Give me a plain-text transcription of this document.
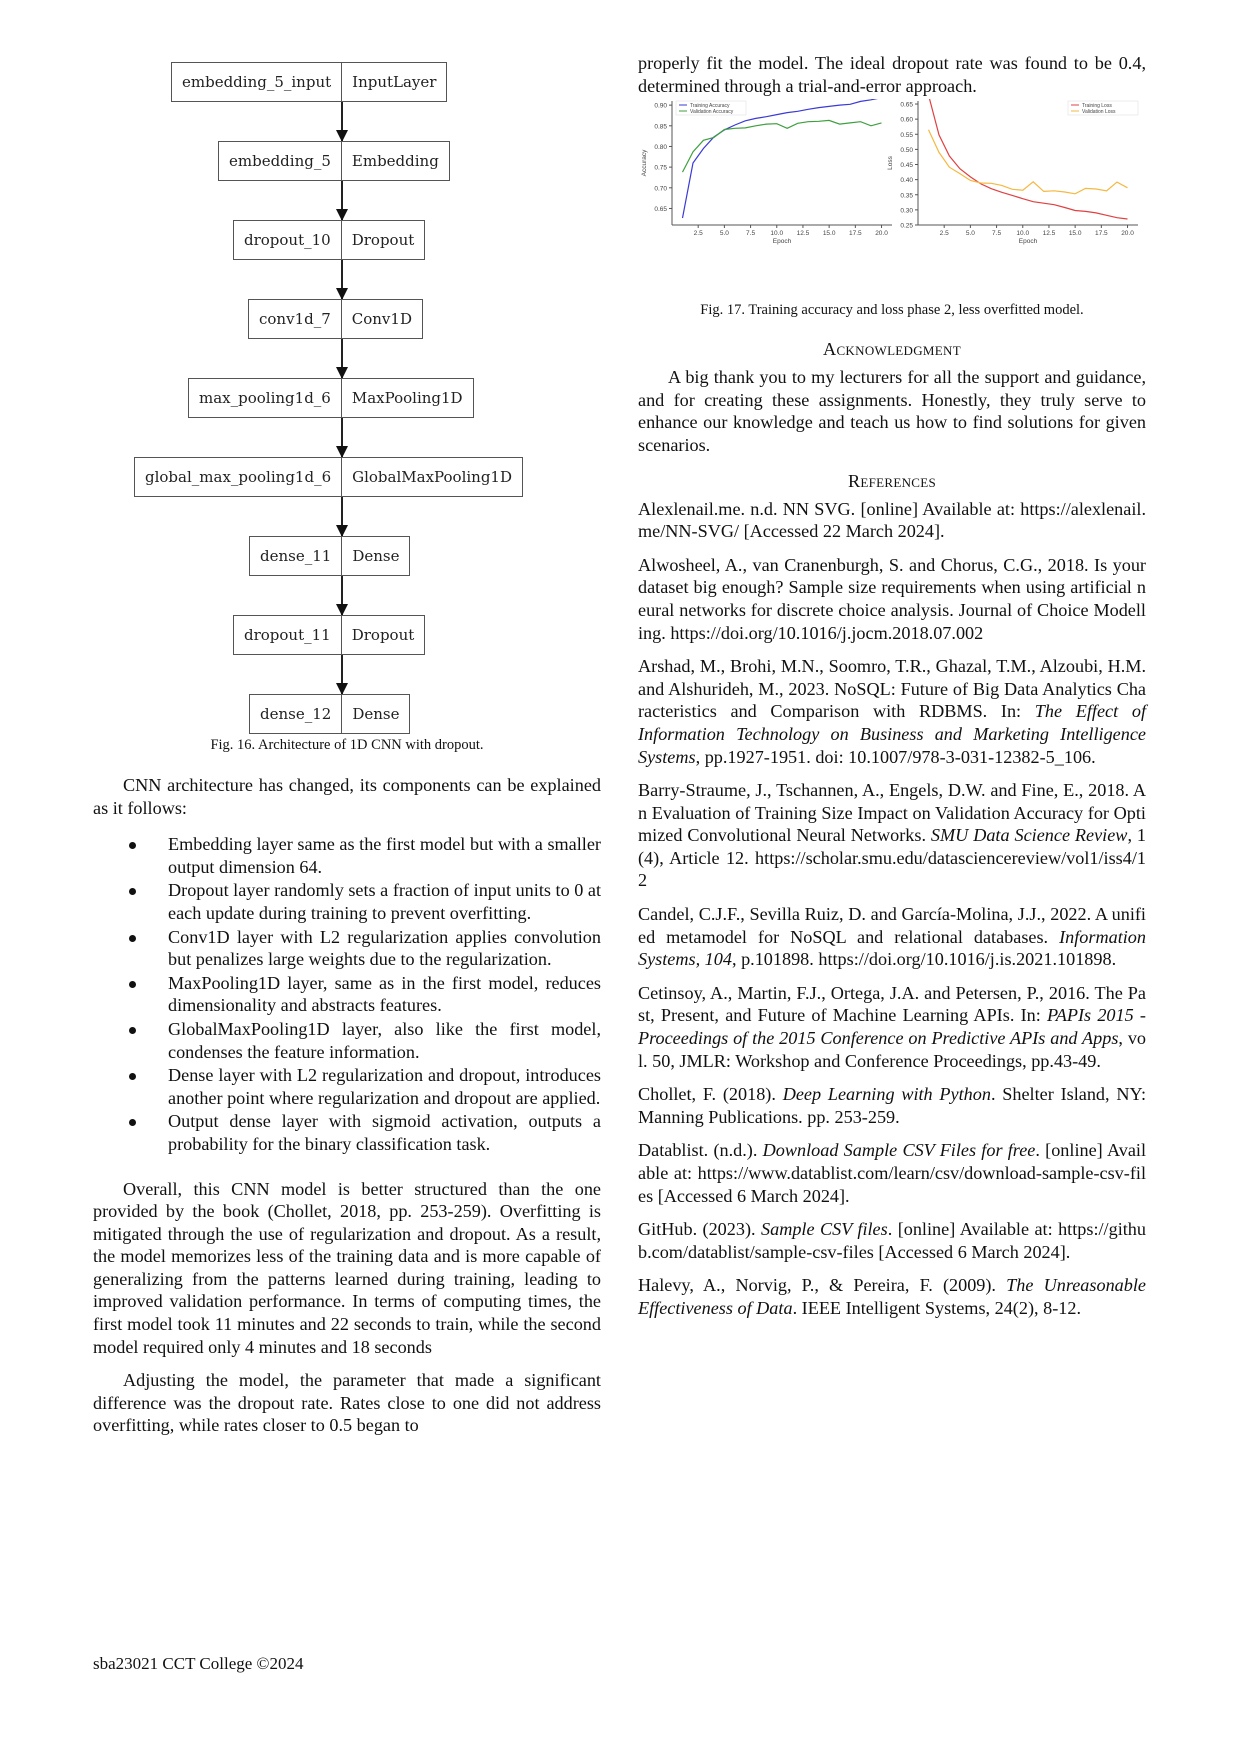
embedding_5_input	InputLayer
embedding_5	Embedding
dropout_10	Dropout
conv1d_7	Conv1D
max_pooling1d_6	MaxPooling1D
global_max_pooling1d_6	GlobalMaxPooling1D
dense_11	Dense
dropout_11	Dropout
dense_12	Dense
Fig. 16. Architecture of 1D CNN with dropout.

CNN architecture has changed, its components can be explained as it follows:

Embedding layer same as the first model but with a smaller output dimension 64.
Dropout layer randomly sets a fraction of input units to 0 at each update during training to prevent overfitting.
Conv1D layer with L2 regularization applies convolution but penalizes large weights due to the regularization.
MaxPooling1D layer, same as in the first model, reduces dimensionality and abstracts features.
GlobalMaxPooling1D layer, also like the first model, condenses the feature information.
Dense layer with L2 regularization and dropout, introduces another point where regularization and dropout are applied.
Output dense layer with sigmoid activation, outputs a probability for the binary classification task.

Overall, this CNN model is better structured than the one provided by the book (Chollet, 2018, pp. 253-259). Overfitting is mitigated through the use of regularization and dropout. As a result, the model memorizes less of the training data and is more capable of generalizing from the patterns learned during training, leading to improved validation performance. In terms of computing times, the first model took 11 minutes and 22 seconds to train, while the second model required only 4 minutes and 18 seconds

Adjusting the model, the parameter that made a significant difference was the dropout rate. Rates close to one did not address overfitting, while rates closer to 0.5 began to

properly fit the model. The ideal dropout rate was found to be 0.4, determined through a trial-and-error approach.

0.65
0.70
0.75
0.80
0.85
0.90
2.5	5.0	7.5 10.0 12.5 15.0 17.5 20.0
Epoch
Accuracy
Training Accuracy
Validation Accuracy
0.25
0.30
0.35
0.40
0.45
0.50
0.55
0.60
0.65
2.5	5.0	7.5 10.0 12.5 15.0 17.5 20.0
Epoch
Loss
Training Loss
Validation Loss
Fig. 17. Training accuracy and loss phase 2, less overfitted model.
Acknowledgment

A big thank you to my lecturers for all the support and guidance, and for creating these assignments. Honestly, they truly serve to enhance our knowledge and teach us how to find solutions for given scenarios.

References

Alexlenail.me. n.d. NN SVG. [online] Available at: https://alexlenail.me/NN-SVG/ [Accessed 22 March 2024].

Alwosheel, A., van Cranenburgh, S. and Chorus, C.G., 2018. Is your dataset big enough? Sample size requirements when using artificial neural networks for discrete choice analysis. Journal of Choice Modelling. https://doi.org/10.1016/j.jocm.2018.07.002

Arshad, M., Brohi, M.N., Soomro, T.R., Ghazal, T.M., Alzoubi, H.M. and Alshurideh, M., 2023. NoSQL: Future of Big Data Analytics Characteristics and Comparison with RDBMS. In: The Effect of Information Technology on Business and Marketing Intelligence Systems, pp.1927-1951. doi: 10.1007/978-3-031-12382-5_106.

Barry-Straume, J., Tschannen, A., Engels, D.W. and Fine, E., 2018. An Evaluation of Training Size Impact on Validation Accuracy for Optimized Convolutional Neural Networks. SMU Data Science Review, 1(4), Article 12. https://scholar.smu.edu/datasciencereview/vol1/iss4/12

Candel, C.J.F., Sevilla Ruiz, D. and García-Molina, J.J., 2022. A unified metamodel for NoSQL and relational databases. Information Systems, 104, p.101898. https://doi.org/10.1016/j.is.2021.101898.

Cetinsoy, A., Martin, F.J., Ortega, J.A. and Petersen, P., 2016. The Past, Present, and Future of Machine Learning APIs. In: PAPIs 2015 - Proceedings of the 2015 Conference on Predictive APIs and Apps, vol. 50, JMLR: Workshop and Conference Proceedings, pp.43-49.

Chollet, F. (2018). Deep Learning with Python. Shelter Island, NY: Manning Publications. pp. 253-259.

Datablist. (n.d.). Download Sample CSV Files for free. [online] Available at: https://www.datablist.com/learn/csv/download-sample-csv-files [Accessed 6 March 2024].

GitHub. (2023). Sample CSV files. [online] Available at: https://github.com/datablist/sample-csv-files [Accessed 6 March 2024].

Halevy, A., Norvig, P., & Pereira, F. (2009). The Unreasonable Effectiveness of Data. IEEE Intelligent Systems, 24(2), 8-12.

sba23021 CCT College ©2024
